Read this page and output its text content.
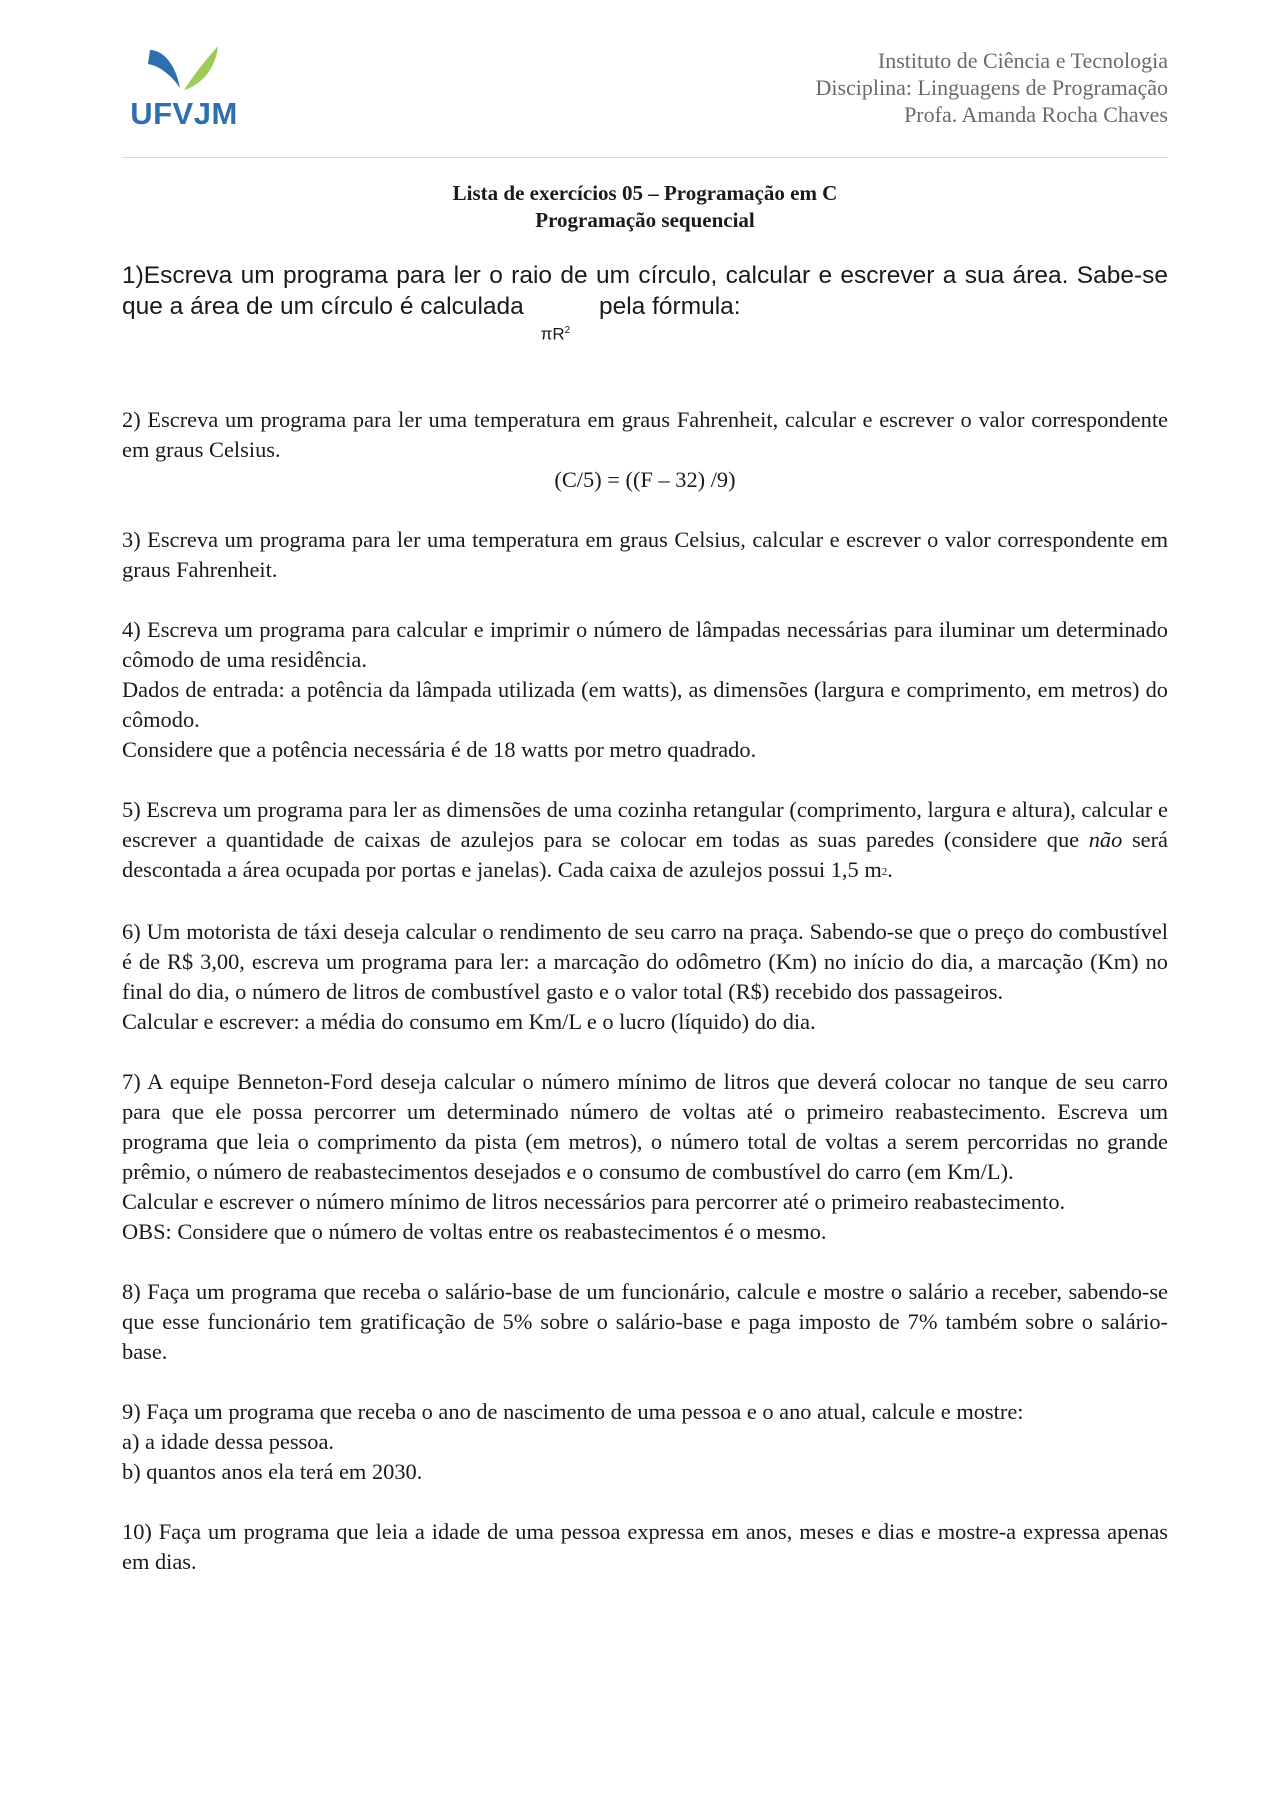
UFVJM
Instituto de Ciência e Tecnologia
Disciplina: Linguagens de Programação
Profa. Amanda Rocha Chaves
Lista de exercícios 05 – Programação em C
Programação sequencial

1)Escreva um programa para ler o raio de um círculo, calcular e escrever a sua área. Sabe-se que a área de um círculo é calculada $\pi R^2$ pela fórmula:

2) Escreva um programa para ler uma temperatura em graus Fahrenheit, calcular e escrever o valor correspondente em graus Celsius.

(C/5) = ((F – 32) /9)

3) Escreva um programa para ler uma temperatura em graus Celsius, calcular e escrever o valor correspondente em graus Fahrenheit.

4) Escreva um programa para calcular e imprimir o número de lâmpadas necessárias para iluminar um determinado cômodo de uma residência.

Dados de entrada: a potência da lâmpada utilizada (em watts), as dimensões (largura e comprimento, em metros) do cômodo.

Considere que a potência necessária é de 18 watts por metro quadrado.

5) Escreva um programa para ler as dimensões de uma cozinha retangular (comprimento, largura e altura), calcular e escrever a quantidade de caixas de azulejos para se colocar em todas as suas paredes (considere que não será descontada a área ocupada por portas e janelas). Cada caixa de azulejos possui 1,5 m2.

6) Um motorista de táxi deseja calcular o rendimento de seu carro na praça. Sabendo-se que o preço do combustível é de R$ 3,00, escreva um programa para ler: a marcação do odômetro (Km) no início do dia, a marcação (Km) no final do dia, o número de litros de combustível gasto e o valor total (R$) recebido dos passageiros.

Calcular e escrever: a média do consumo em Km/L e o lucro (líquido) do dia.

7) A equipe Benneton-Ford deseja calcular o número mínimo de litros que deverá colocar no tanque de seu carro para que ele possa percorrer um determinado número de voltas até o primeiro reabastecimento. Escreva um programa que leia o comprimento da pista (em metros), o número total de voltas a serem percorridas no grande prêmio, o número de reabastecimentos desejados e o consumo de combustível do carro (em Km/L).

Calcular e escrever o número mínimo de litros necessários para percorrer até o primeiro reabastecimento.

OBS: Considere que o número de voltas entre os reabastecimentos é o mesmo.

8) Faça um programa que receba o salário-base de um funcionário, calcule e mostre o salário a receber, sabendo-se que esse funcionário tem gratificação de 5% sobre o salário-base e paga imposto de 7% também sobre o salário-base.

9) Faça um programa que receba o ano de nascimento de uma pessoa e o ano atual, calcule e mostre:

a) a idade dessa pessoa.

b) quantos anos ela terá em 2030.

10) Faça um programa que leia a idade de uma pessoa expressa em anos, meses e dias e mostre-a expressa apenas em dias.
